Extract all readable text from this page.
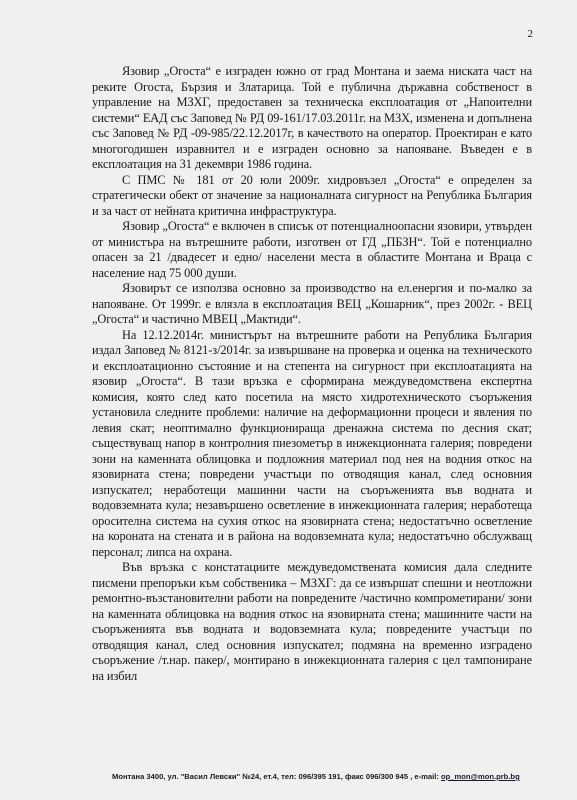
2

Язовир „Огоста“ е изграден южно от град Монтана и заема ниската част на реките Огоста, Бързия и Златарица. Той е публична държавна собственост в управление на МЗХГ, предоставен за техническа експлоатация от „Напоителни системи“ ЕАД със Заповед № РД 09-161/17.03.2011г. на МЗХ, изменена и допълнена със Заповед № РД -09-985/22.12.2017г, в качеството на оператор. Проектиран е като многогодишен изравнител и е изграден основно за напояване. Въведен е в експлоатация на 31 декември 1986 година.

С ПМС № 181 от 20 юли 2009г. хидровъзел „Огоста“ е определен за стратегически обект от значение за националната сигурност на Република България и за част от нейната критична инфраструктура.

Язовир „Огоста“ е включен в списък от потенциалноопасни язовири, утвърден от министъра на вътрешните работи, изготвен от ГД „ПБЗН“. Той е потенциално опасен за 21 /двадесет и едно/ населени места в областите Монтана и Враца с население над 75 000 души.

Язовирът се използва основно за производство на ел.енергия и по-малко за напояване. От 1999г. е влязла в експлоатация ВЕЦ „Кошарник“, през 2002г. - ВЕЦ „Огоста“ и частично МВЕЦ „Мактиди“.

На 12.12.2014г. министърът на вътрешните работи на Република България издал Заповед № 8121-з/2014г. за извършване на проверка и оценка на техническото и експлоатационно състояние и на степента на сигурност при експлоатацията на язовир „Огоста“. В тази връзка е сформирана междуведомствена експертна комисия, която след като посетила на място хидротехническото съоръжения установила следните проблеми: наличие на деформационни процеси и явления по левия скат; неоптимално функционираща дренажна система по десния скат; съществуващ напор в контролния пиезометър в инжекционната галерия; повредени зони на каменната облицовка и подложния материал под нея на водния откос на язовирната стена; повредени участъци по отводящия канал, след основния изпускател; неработещи машинни части на съоръженията във водната и водовземната кула; незавършено осветление в инжекционната галерия; неработеща оросителна система на сухия откос на язовирната стена; недостатъчно осветление на короната на стената и в района на водовземната кула; недостатъчно обслужващ персонал; липса на охрана.

Във връзка с констатациите междуведомствената комисия дала следните писмени препоръки към собственика – МЗХГ: да се извършат спешни и неотложни ремонтно-възстановителни работи на повредените /частично компрометирани/ зони на каменната облицовка на водния откос на язовирната стена; машинните части на съоръженията във водната и водовземната кула; повредените участъци по отводящия канал, след основния изпускател; подмяна на временно изградено съоръжение /т.нар. пакер/, монтирано в инжекционната галерия с цел тампониране на избил

Монтана 3400, ул. "Васил Левски" №24, ет.4, тел: 096/395 191, факс 096/300 945 , e-mail: op_mon@mon.prb.bg
